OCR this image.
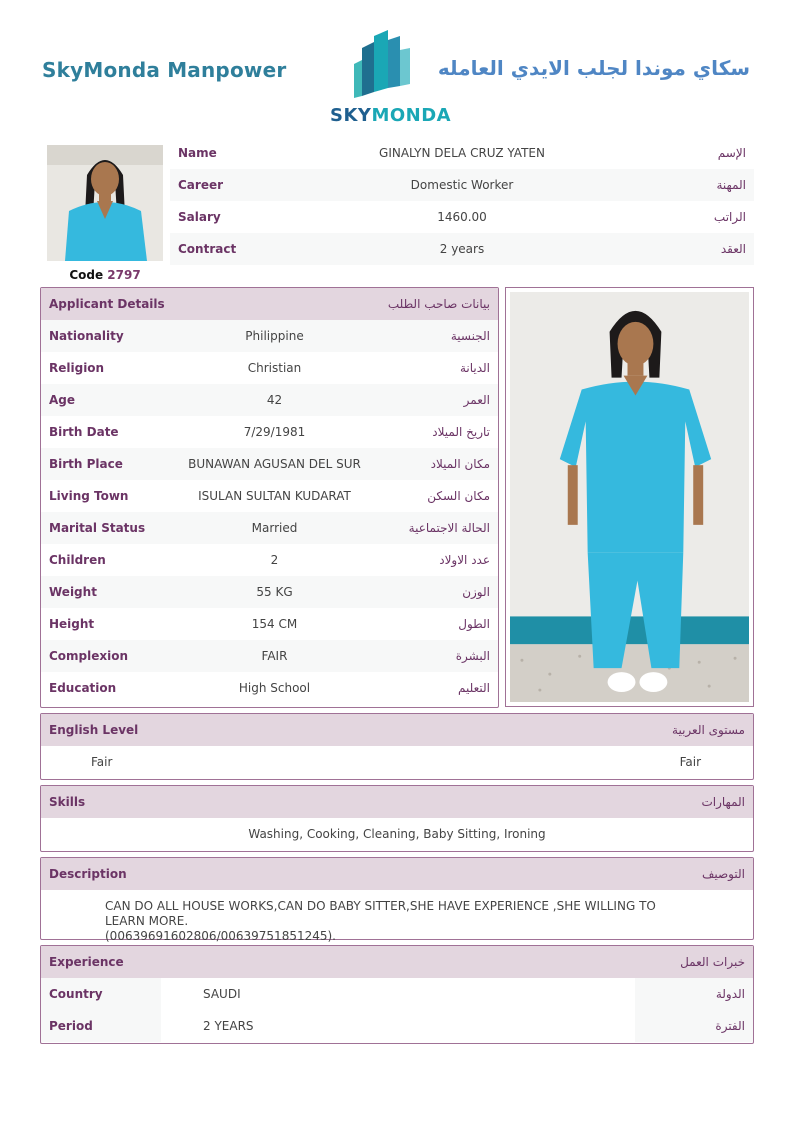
SkyMonda Manpower
SKYMONDA
سكاي موندا لجلب الايدي العامله
Code 2797
Name	GINALYN DELA CRUZ YATEN	الإسم
Career	Domestic Worker	المهنة
Salary	1460.00	الراتب
Contract	2 years	العقد
Applicant Details	بيانات صاحب الطلب
Nationality	Philippine	الجنسية
Religion	Christian	الديانة
Age	42	العمر
Birth Date	7/29/1981	تاريخ الميلاد
Birth Place	BUNAWAN AGUSAN DEL SUR	مكان الميلاد
Living Town	ISULAN SULTAN KUDARAT	مكان السكن
Marital Status	Married	الحالة الاجتماعية
Children	2	عدد الاولاد
Weight	55 KG	الوزن
Height	154 CM	الطول
Complexion	FAIR	البشرة
Education	High School	التعليم
English Level	مستوى العربية
Fair	Fair
Skills	المهارات
Washing, Cooking, Cleaning, Baby Sitting, Ironing
Description	التوصيف
CAN DO ALL HOUSE WORKS,CAN DO BABY SITTER,SHE HAVE EXPERIENCE ,SHE WILLING TO LEARN MORE.
(00639691602806/00639751851245).
Experience	خبرات العمل
Country	SAUDI	الدولة
Period	2 YEARS	الفترة
